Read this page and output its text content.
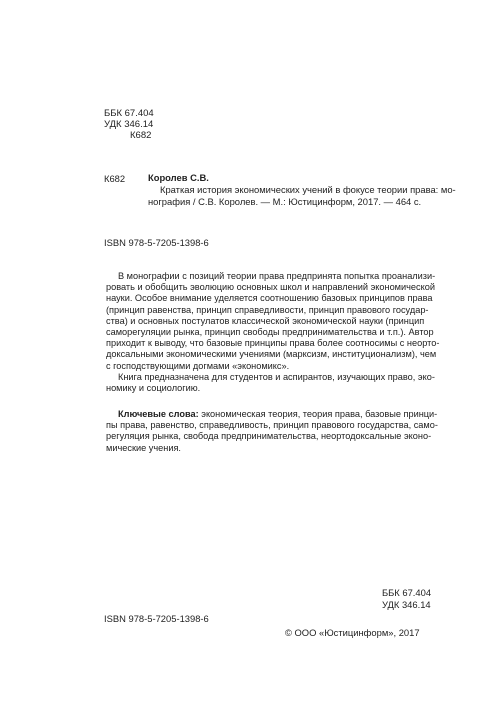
ББК 67.404
УДК 346.14
К682
К682 Королев С.В.
Краткая история экономических учений в фокусе теории права: мо-
нография / С.В. Королев. — М.: Юстицинформ, 2017. — 464 с.
ISBN 978-5-7205-1398-6
В монографии с позиций теории права предпринята попытка проанализи-
ровать и обобщить эволюцию основных школ и направлений экономической
науки. Особое внимание уделяется соотношению базовых принципов права
(принцип равенства, принцип справедливости, принцип правового государ-
ства) и основных постулатов классической экономической науки (принцип
саморегуляции рынка, принцип свободы предпринимательства и т.п.). Автор
приходит к выводу, что базовые принципы права более соотносимы с неорто-
доксальными экономическими учениями (марксизм, институционализм), чем
с господствующими догмами «экономикс».
Книга предназначена для студентов и аспирантов, изучающих право, эко-
номику и социологию.
Ключевые слова: экономическая теория, теория права, базовые принци-
пы права, равенство, справедливость, принцип правового государства, само-
регуляция рынка, свобода предпринимательства, неортодоксальные эконо-
мические учения.
ББК 67.404
УДК 346.14
ISBN 978-5-7205-1398-6
© ООО «Юстицинформ», 2017
